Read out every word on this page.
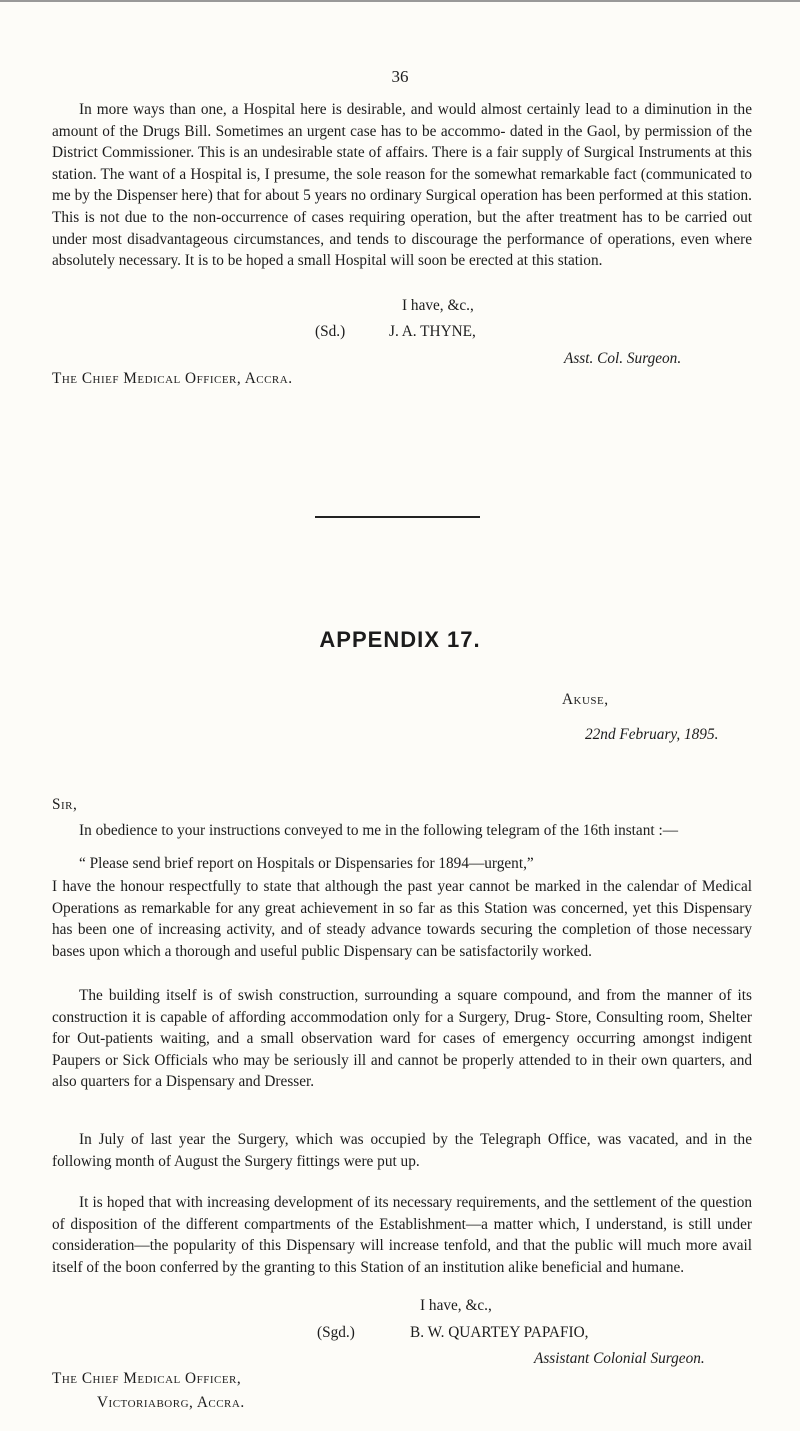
36

In more ways than one, a Hospital here is desirable, and would almost certainly lead to a diminution in the amount of the Drugs Bill. Sometimes an urgent case has to be accommo- dated in the Gaol, by permission of the District Commissioner. This is an undesirable state of affairs. There is a fair supply of Surgical Instruments at this station. The want of a Hospital is, I presume, the sole reason for the somewhat remarkable fact (communicated to me by the Dispenser here) that for about 5 years no ordinary Surgical operation has been performed at this station. This is not due to the non-occurrence of cases requiring operation, but the after treatment has to be carried out under most disadvantageous circumstances, and tends to discourage the performance of operations, even where absolutely necessary. It is to be hoped a small Hospital will soon be erected at this station.

I have, &c.,
(Sd.)	J. A. THYNE,
Asst. Col. Surgeon.
The Chief Medical Officer, Accra.
APPENDIX 17.
Akuse,
22nd February, 1895.
Sir,

In obedience to your instructions conveyed to me in the following telegram of the 16th instant :—

“ Please send brief report on Hospitals or Dispensaries for 1894—urgent,”

I have the honour respectfully to state that although the past year cannot be marked in the calendar of Medical Operations as remarkable for any great achievement in so far as this Station was concerned, yet this Dispensary has been one of increasing activity, and of steady advance towards securing the completion of those necessary bases upon which a thorough and useful public Dispensary can be satisfactorily worked.

The building itself is of swish construction, surrounding a square compound, and from the manner of its construction it is capable of affording accommodation only for a Surgery, Drug- Store, Consulting room, Shelter for Out-patients waiting, and a small observation ward for cases of emergency occurring amongst indigent Paupers or Sick Officials who may be seriously ill and cannot be properly attended to in their own quarters, and also quarters for a Dispensary and Dresser.

In July of last year the Surgery, which was occupied by the Telegraph Office, was vacated, and in the following month of August the Surgery fittings were put up.

It is hoped that with increasing development of its necessary requirements, and the settlement of the question of disposition of the different compartments of the Establishment—a matter which, I understand, is still under consideration—the popularity of this Dispensary will increase tenfold, and that the public will much more avail itself of the boon conferred by the granting to this Station of an institution alike beneficial and humane.

I have, &c.,
(Sgd.)	B. W. QUARTEY PAPAFIO,
Assistant Colonial Surgeon.
The Chief Medical Officer,
Victoriaborg, Accra.
